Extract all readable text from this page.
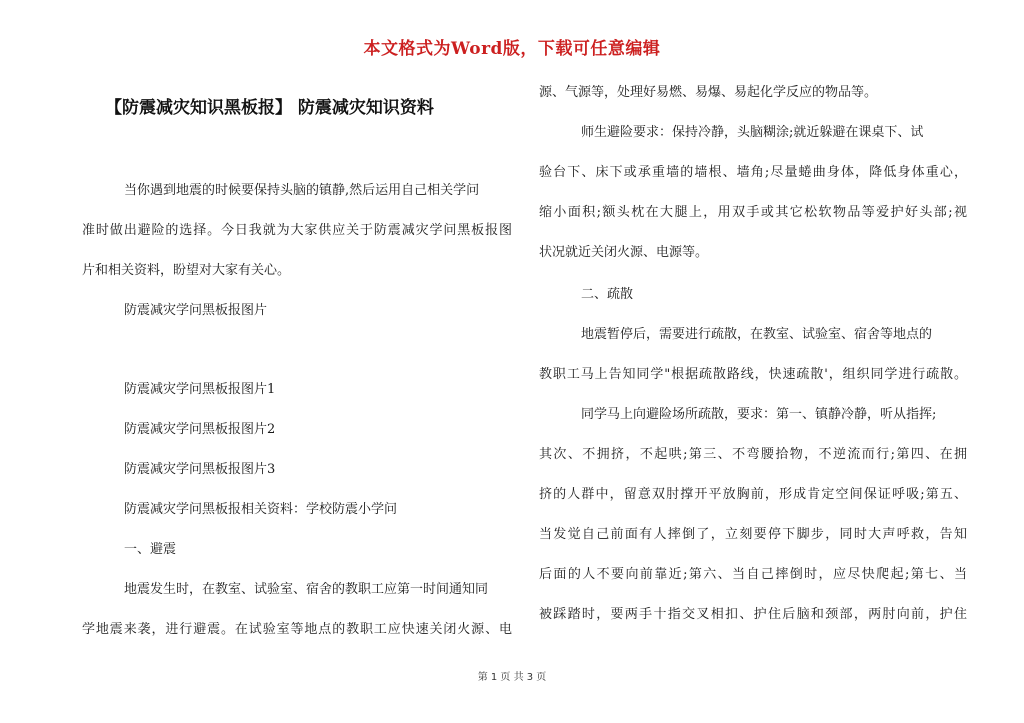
本文格式为Word版，下载可任意编辑
【防震减灾知识黑板报】 防震减灾知识资料
当你遇到地震的时候要保持头脑的镇静,然后运用自己相关学问
准时做出避险的选择。今日我就为大家供应关于防震减灾学问黑板报图
片和相关资料，盼望对大家有关心。
防震减灾学问黑板报图片
防震减灾学问黑板报图片1
防震减灾学问黑板报图片2
防震减灾学问黑板报图片3
防震减灾学问黑板报相关资料：学校防震小学问
一、避震
地震发生时，在教室、试验室、宿舍的教职工应第一时间通知同
学地震来袭，进行避震。在试验室等地点的教职工应快速关闭火源、电
源、气源等，处理好易燃、易爆、易起化学反应的物品等。
师生避险要求：保持冷静，头脑糊涂;就近躲避在课桌下、试
验台下、床下或承重墙的墙根、墙角;尽量蜷曲身体，降低身体重心，
缩小面积;额头枕在大腿上，用双手或其它松软物品等爱护好头部;视
状况就近关闭火源、电源等。
二、疏散
地震暂停后，需要进行疏散，在教室、试验室、宿舍等地点的
教职工马上告知同学"根据疏散路线，快速疏散'，组织同学进行疏散。
同学马上向避险场所疏散，要求：第一、镇静冷静，听从指挥;
其次、不拥挤，不起哄;第三、不弯腰拾物，不逆流而行;第四、在拥
挤的人群中，留意双肘撑开平放胸前，形成肯定空间保证呼吸;第五、
当发觉自己前面有人摔倒了，立刻要停下脚步，同时大声呼救，告知
后面的人不要向前靠近;第六、当自己摔倒时，应尽快爬起;第七、当
被踩踏时，要两手十指交叉相扣、护住后脑和颈部，两肘向前，护住
第 1 页 共 3 页
